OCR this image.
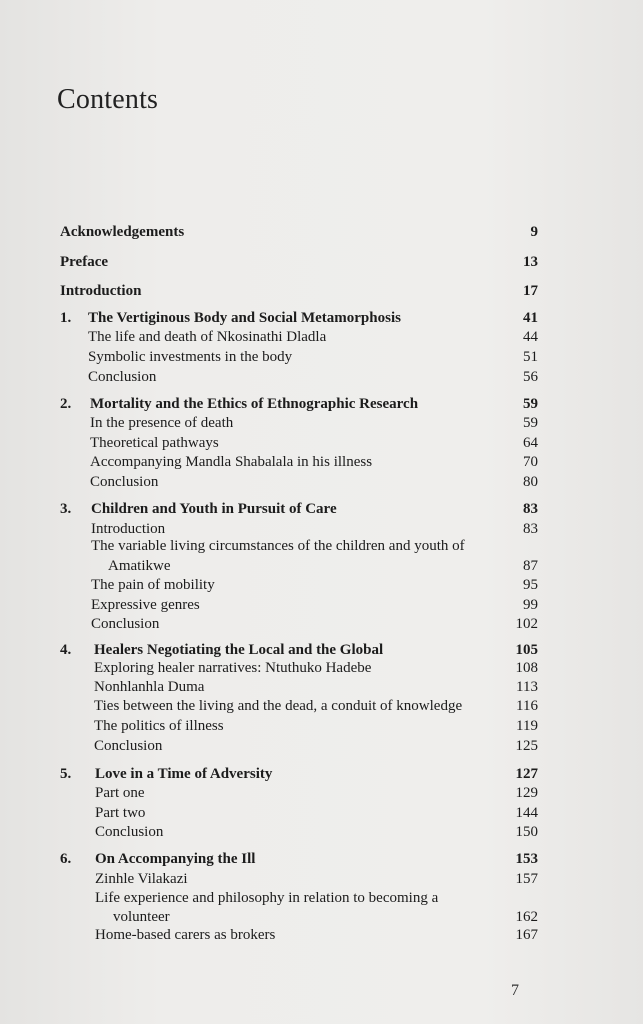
Contents
Acknowledgements	9
Preface	13
Introduction	17
1. The Vertiginous Body and Social Metamorphosis	41
The life and death of Nkosinathi Dladla	44
Symbolic investments in the body	51
Conclusion	56
2. Mortality and the Ethics of Ethnographic Research	59
In the presence of death	59
Theoretical pathways	64
Accompanying Mandla Shabalala in his illness	70
Conclusion	80
3. Children and Youth in Pursuit of Care	83
Introduction	83
The variable living circumstances of the children and youth of
Amatikwe	87
The pain of mobility	95
Expressive genres	99
Conclusion	102
4. Healers Negotiating the Local and the Global	105
Exploring healer narratives: Ntuthuko Hadebe	108
Nonhlanhla Duma	113
Ties between the living and the dead, a conduit of knowledge	116
The politics of illness	119
Conclusion	125
5. Love in a Time of Adversity	127
Part one	129
Part two	144
Conclusion	150
6. On Accompanying the Ill	153
Zinhle Vilakazi	157
Life experience and philosophy in relation to becoming a
volunteer	162
Home-based carers as brokers	167
7
